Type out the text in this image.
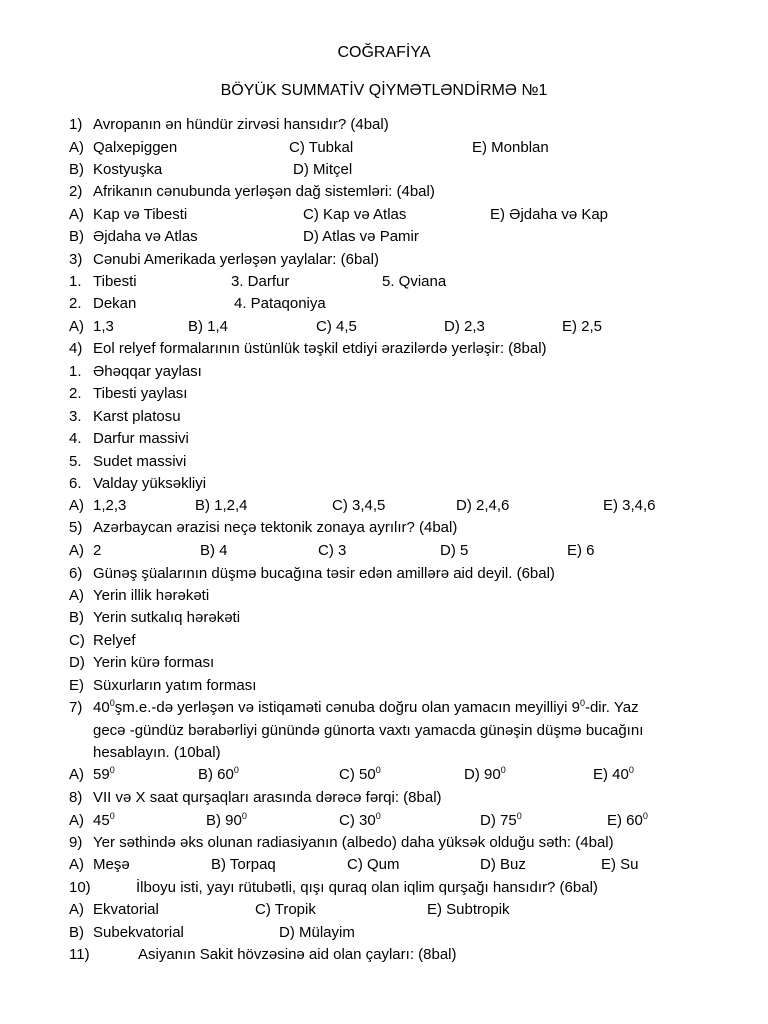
COĞRAFİYA
BÖYÜK SUMMATİV QİYMƏTLƏNDİRMƏ №1
1) Avropanın ən hündür zirvəsi hansıdır? (4bal)
A) Qalxepiggen	C) Tubkal	E) Monblan
B) Kostyuşka	D) Mitçel
2) Afrikanın cənubunda yerləşən dağ sistemləri: (4bal)
A) Kap və Tibesti	C) Kap və Atlas	E) Əjdaha və Kap
B) Əjdaha və Atlas	D) Atlas və Pamir
3) Cənubi Amerikada yerləşən yaylalar: (6bal)
1. Tibesti	3. Darfur	5. Qviana
2. Dekan	4. Pataqoniya
A) 1,3	B) 1,4	C) 4,5	D) 2,3	E) 2,5
4) Eol relyef formalarının üstünlük təşkil etdiyi ərazilərdə yerləşir: (8bal)
1. Əhəqqar yaylası
2. Tibesti yaylası
3. Karst platosu
4. Darfur massivi
5. Sudet massivi
6. Valday yüksəkliyi
A) 1,2,3	B) 1,2,4	C) 3,4,5	D) 2,4,6	E) 3,4,6
5) Azərbaycan ərazisi neçə tektonik zonaya ayrılır? (4bal)
A) 2	B) 4	C) 3	D) 5	E) 6
6) Günəş şüalarının düşmə bucağına təsir edən amillərə aid deyil. (6bal)
A) Yerin illik hərəkəti
B) Yerin sutkalıq hərəkəti
C) Relyef
D) Yerin kürə forması
E) Süxurların yatım forması
7) $40^0şm.e.-də$ yerləşən və istiqaməti cənuba doğru olan yamacın meyilliyi $9^0$-dir. Yaz
gecə -gündüz bərabərliyi günündə günorta vaxtı yamacda günəşin düşmə bucağını
hesablayın. (10bal)
A) $59^0$	B) $60^0$	C) $50^0$	D) $90^0$	E) $40^0$
8) VII və X saat qurşaqları arasında dərəcə fərqi: (8bal)
A) $45^0$	B) $90^0$	C) $30^0$	D) $75^0$	E) $60^0$
9) Yer səthində əks olunan radiasiyanın (albedo) daha yüksək olduğu səth: (4bal)
A) Meşə	B) Torpaq	C) Qum	D) Buz	E) Su
10)	İlboyu isti, yayı rütubətli, qışı quraq olan iqlim qurşağı hansıdır? (6bal)
A) Ekvatorial	C) Tropik	E) Subtropik
B) Subekvatorial	D) Mülayim
11)	Asiyanın Sakit hövzəsinə aid olan çayları: (8bal)
